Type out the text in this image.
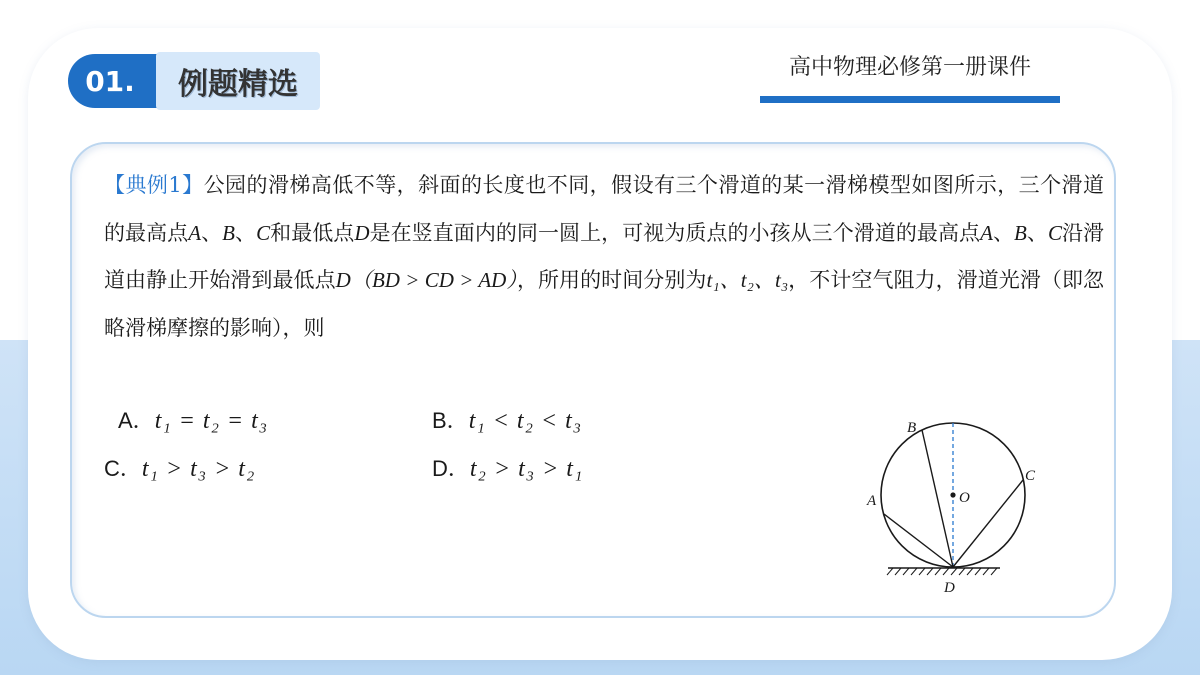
01.	例题精选	高中物理必修第一册课件
【典例1】公园的滑梯高低不等，斜面的长度也不同，假设有三个滑道的某一滑梯模型如图所示，三个滑道的最高点A、B、C和最低点D是在竖直面内的同一圆上，可视为质点的小孩从三个滑道的最高点A、B、C沿滑道由静止开始滑到最低点D（BD > CD > AD），所用的时间分别为t₁、t₂、t₃，不计空气阻力，滑道光滑（即忽略滑梯摩擦的影响），则
A．t₁ = t₂ = t₃	B．t₁ < t₂ < t₃
C．t₁ > t₃ > t₂	D．t₂ > t₃ > t₁
B
A
C
O
D
